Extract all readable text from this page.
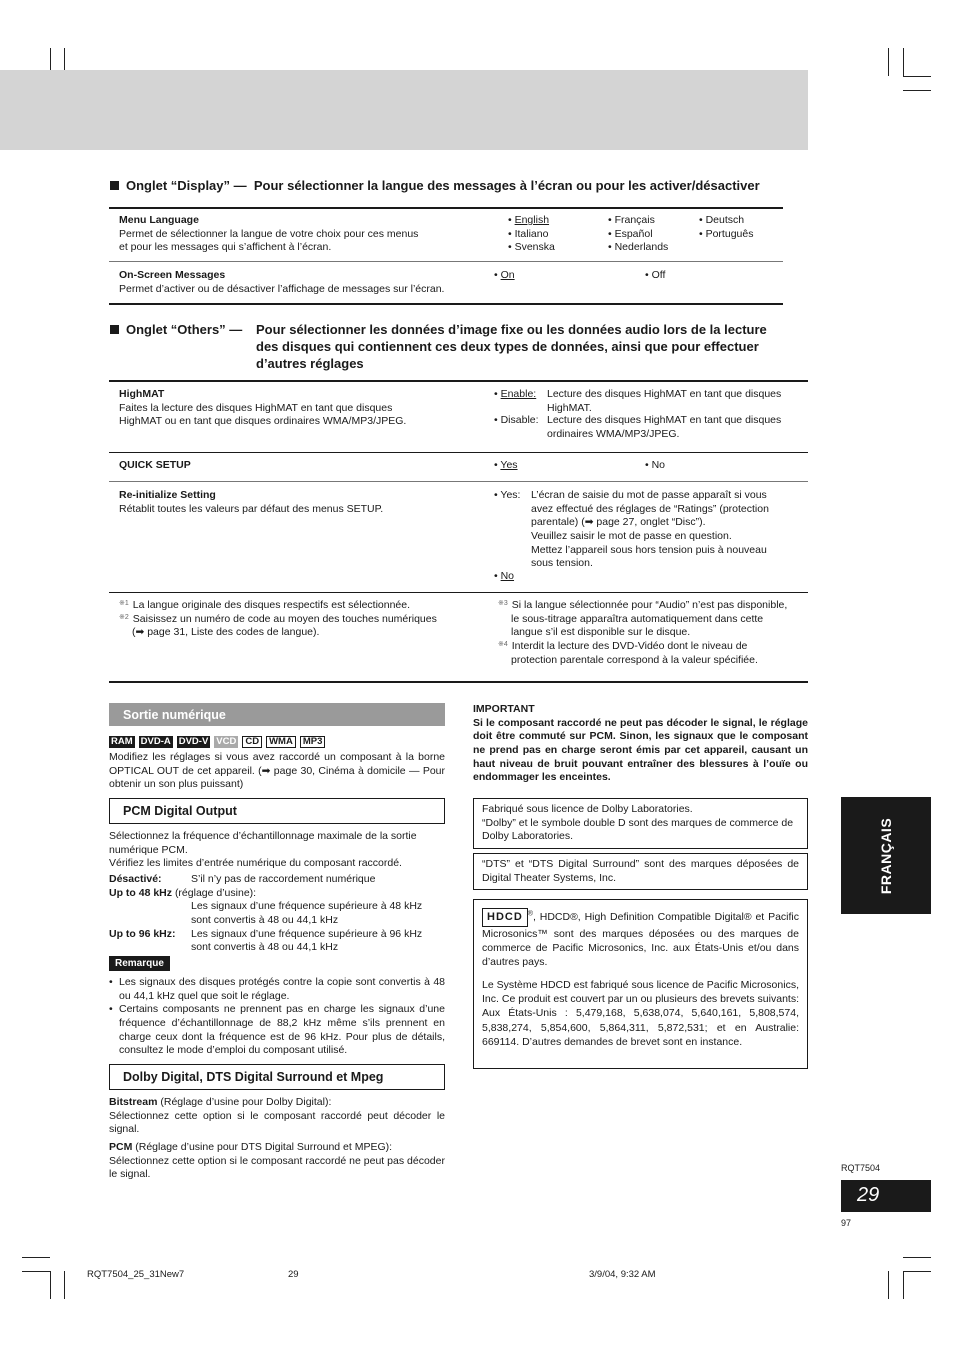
Onglet “Display” — Pour sélectionner la langue des messages à l’écran ou pour les activer/désactiver
Menu Language
Permet de sélectionner la langue de votre choix pour ces menus
et pour les messages qui s’affichent à l’écran.
• English	• Français	• Deutsch
• Italiano	• Español	• Português
• Svenska	• Nederlands
On-Screen Messages
Permet d’activer ou de désactiver l’affichage de messages sur l’écran.
• On	• Off
Onglet “Others” —	Pour sélectionner les données d’image fixe ou les données audio lors de la lecture
des disques qui contiennent ces deux types de données, ainsi que pour effectuer
d’autres réglages
HighMAT
Faites la lecture des disques HighMAT en tant que disques
HighMAT ou en tant que disques ordinaires WMA/MP3/JPEG.
• Enable: Lecture des disques HighMAT en tant que disques
HighMAT.
• Disable: Lecture des disques HighMAT en tant que disques
ordinaires WMA/MP3/JPEG.
QUICK SETUP	• Yes	• No
Re-initialize Setting
Rétablit toutes les valeurs par défaut des menus SETUP.
• Yes: L’écran de saisie du mot de passe apparaît si vous
avez effectué des réglages de “Ratings” (protection
parentale) (➡ page 27, onglet “Disc”).
Veuillez saisir le mot de passe en question.
Mettez l’appareil sous hors tension puis à nouveau
sous tension.
• No
$^{※1}$ La langue originale des disques respectifs est sélectionnée.
$^{※2}$ Saisissez un numéro de code au moyen des touches numériques
(➡ page 31, Liste des codes de langue).
$^{※3}$ Si la langue sélectionnée pour “Audio” n’est pas disponible,
le sous-titrage apparaîtra automatiquement dans cette
langue s’il est disponible sur le disque.
$^{※4}$ Interdit la lecture des DVD-Vidéo dont le niveau de
protection parentale correspond à la valeur spécifiée.
Sortie numérique
RAM DVD-A DVD-V VCD CD WMA MP3
Modifiez les réglages si vous avez raccordé un composant à la borne OPTICAL OUT de cet appareil. (➡ page 30, Cinéma à domicile — Pour obtenir un son plus puissant)
PCM Digital Output
Sélectionnez la fréquence d’échantillonnage maximale de la sortie numérique PCM.
Vérifiez les limites d’entrée numérique du composant raccordé.
Désactivé:	S’il n’y pas de raccordement numérique
Up to 48 kHz (réglage d’usine):
Les signaux d’une fréquence supérieure à 48 kHz
sont convertis à 48 ou 44,1 kHz
Up to 96 kHz: Les signaux d’une fréquence supérieure à 96 kHz
sont convertis à 48 ou 44,1 kHz
Remarque
• Les signaux des disques protégés contre la copie sont convertis à 48 ou 44,1 kHz quel que soit le réglage.
• Certains composants ne prennent pas en charge les signaux d’une fréquence d’échantillonnage de 88,2 kHz même s’ils prennent en charge ceux dont la fréquence est de 96 kHz. Pour plus de détails, consultez le mode d’emploi du composant utilisé.
Dolby Digital, DTS Digital Surround et Mpeg
Bitstream (Réglage d’usine pour Dolby Digital):
Sélectionnez cette option si le composant raccordé peut décoder le signal.
PCM (Réglage d’usine pour DTS Digital Surround et MPEG):
Sélectionnez cette option si le composant raccordé ne peut pas décoder le signal.
IMPORTANT
Si le composant raccordé ne peut pas décoder le signal, le réglage doit être commuté sur PCM. Sinon, les signaux que le composant ne prend pas en charge seront émis par cet appareil, causant un haut niveau de bruit pouvant entraîner des blessures à l’ouïe ou endommager les enceintes.
Fabriqué sous licence de Dolby Laboratories.
“Dolby” et le symbole double D sont des marques de commerce de Dolby Laboratories.
“DTS” et “DTS Digital Surround” sont des marques déposées de Digital Theater Systems, Inc.
HDCD ®, HDCD®, High Definition Compatible Digital® et Pacific Microsonics™ sont des marques déposées ou des marques de commerce de Pacific Microsonics, Inc. aux États-Unis et/ou dans d’autres pays.
Le Système HDCD est fabriqué sous licence de Pacific Microsonics, Inc. Ce produit est couvert par un ou plusieurs des brevets suivants: Aux États-Unis : 5,479,168, 5,638,074, 5,640,161, 5,808,574, 5,838,274, 5,854,600, 5,864,311, 5,872,531; et en Australie: 669114. D’autres demandes de brevet sont en instance.
FRANÇAIS
RQT7504
29
97
RQT7504_25_31New7	29	3/9/04, 9:32 AM
